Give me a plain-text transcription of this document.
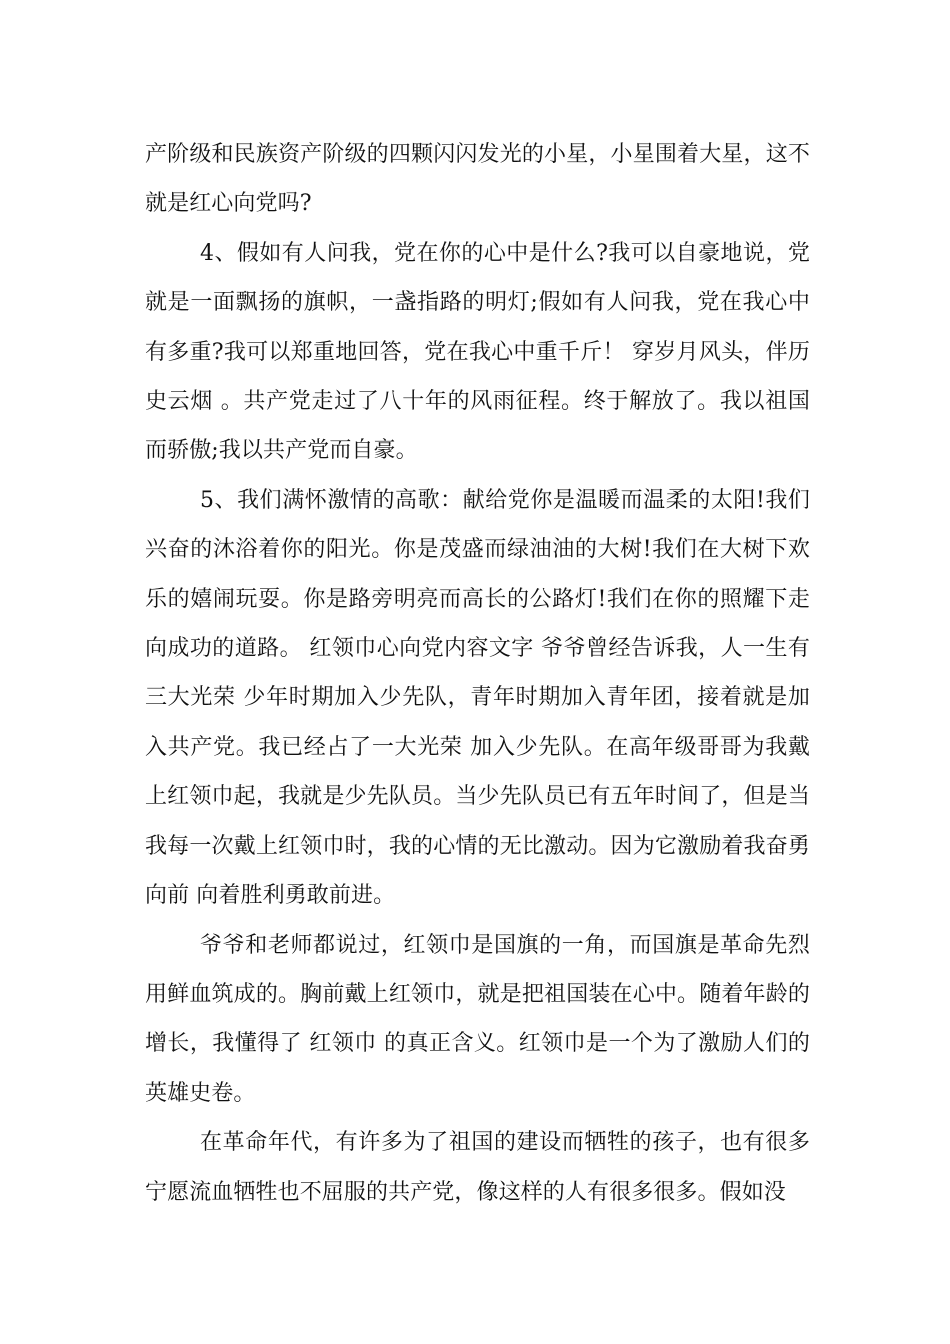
产阶级和民族资产阶级的四颗闪闪发光的小星，小星围着大星，这不就是红心向党吗?

4、假如有人问我，党在你的心中是什么?我可以自豪地说，党就是一面飘扬的旗帜，一盏指路的明灯;假如有人问我，党在我心中有多重?我可以郑重地回答，党在我心中重千斤！ 穿岁月风头，伴历史云烟 。共产党走过了八十年的风雨征程。终于解放了。我以祖国而骄傲;我以共产党而自豪。

5、我们满怀激情的高歌：献给党你是温暖而温柔的太阳!我们兴奋的沐浴着你的阳光。你是茂盛而绿油油的大树!我们在大树下欢乐的嬉闹玩耍。你是路旁明亮而高长的公路灯!我们在你的照耀下走向成功的道路。 红领巾心向党内容文字 爷爷曾经告诉我，人一生有三大光荣 少年时期加入少先队，青年时期加入青年团，接着就是加入共产党。我已经占了一大光荣 加入少先队。在高年级哥哥为我戴上红领巾起，我就是少先队员。当少先队员已有五年时间了，但是当我每一次戴上红领巾时，我的心情的无比激动。因为它激励着我奋勇向前 向着胜利勇敢前进。

爷爷和老师都说过，红领巾是国旗的一角，而国旗是革命先烈用鲜血筑成的。胸前戴上红领巾，就是把祖国装在心中。随着年龄的增长，我懂得了 红领巾 的真正含义。红领巾是一个为了激励人们的英雄史卷。

在革命年代，有许多为了祖国的建设而牺牲的孩子，也有很多宁愿流血牺牲也不屈服的共产党，像这样的人有很多很多。假如没
